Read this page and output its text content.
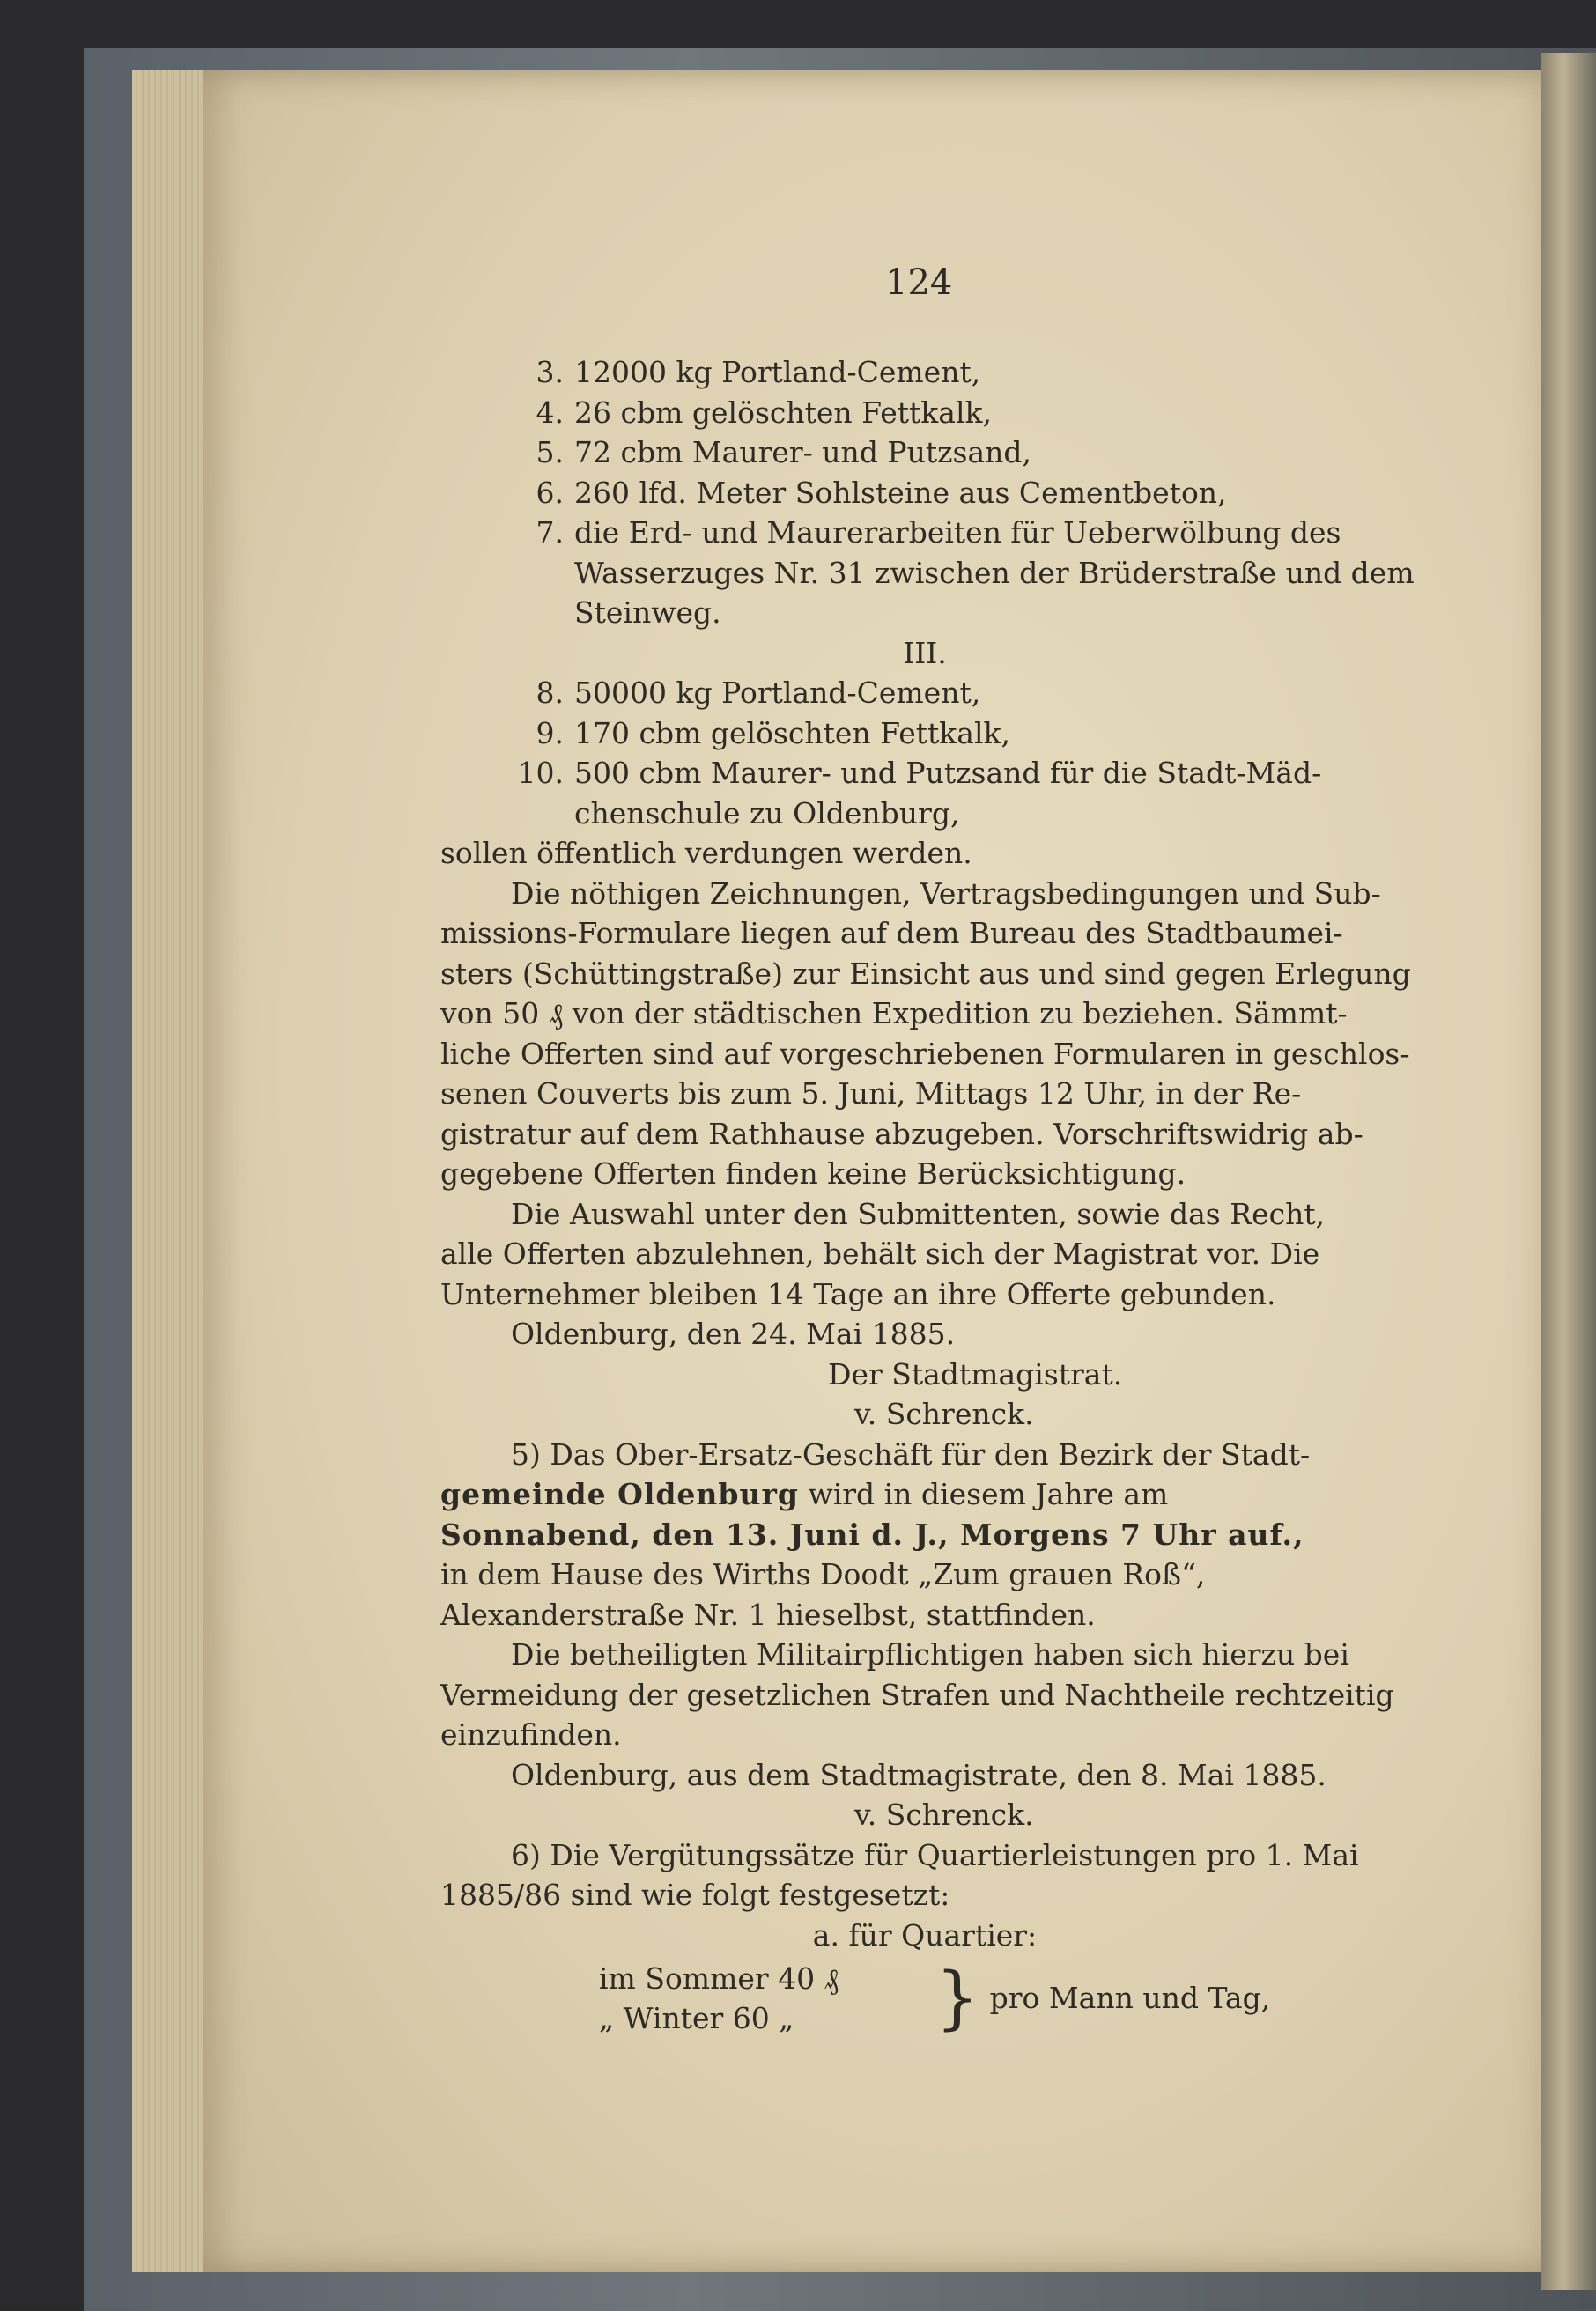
124
3. 12000 kg Portland-Cement,
4. 26 cbm gelöschten Fettkalk,
5. 72 cbm Maurer- und Putzsand,
6. 260 lfd. Meter Sohlsteine aus Cementbeton,
7. die Erd- und Maurerarbeiten für Ueberwölbung des
Wasserzuges Nr. 31 zwischen der Brüderstraße und dem
Steinweg.
III.
8. 50000 kg Portland-Cement,
9. 170 cbm gelöschten Fettkalk,
10. 500 cbm Maurer- und Putzsand für die Stadt-Mäd-
chenschule zu Oldenburg,
sollen öffentlich verdungen werden.
Die nöthigen Zeichnungen, Vertragsbedingungen und Sub-
missions-Formulare liegen auf dem Bureau des Stadtbaumei-
sters (Schüttingstraße) zur Einsicht aus und sind gegen Erlegung
von 50 ₰ von der städtischen Expedition zu beziehen. Sämmt-
liche Offerten sind auf vorgeschriebenen Formularen in geschlos-
senen Couverts bis zum 5. Juni, Mittags 12 Uhr, in der Re-
gistratur auf dem Rathhause abzugeben. Vorschriftswidrig ab-
gegebene Offerten finden keine Berücksichtigung.
Die Auswahl unter den Submittenten, sowie das Recht,
alle Offerten abzulehnen, behält sich der Magistrat vor. Die
Unternehmer bleiben 14 Tage an ihre Offerte gebunden.
Oldenburg, den 24. Mai 1885.
Der Stadtmagistrat.
v. Schrenck.
5) Das Ober-Ersatz-Geschäft für den Bezirk der Stadt-
gemeinde Oldenburg wird in diesem Jahre am
Sonnabend, den 13. Juni d. J., Morgens 7 Uhr auf.,
in dem Hause des Wirths Doodt „Zum grauen Roß“,
Alexanderstraße Nr. 1 hieselbst, stattfinden.
Die betheiligten Militairpflichtigen haben sich hierzu bei
Vermeidung der gesetzlichen Strafen und Nachtheile rechtzeitig
einzufinden.
Oldenburg, aus dem Stadtmagistrate, den 8. Mai 1885.
v. Schrenck.
6) Die Vergütungssätze für Quartierleistungen pro 1. Mai
1885/86 sind wie folgt festgesetzt:
a. für Quartier:
im Sommer 40 ₰
„ Winter 60 „	} pro Mann und Tag,
